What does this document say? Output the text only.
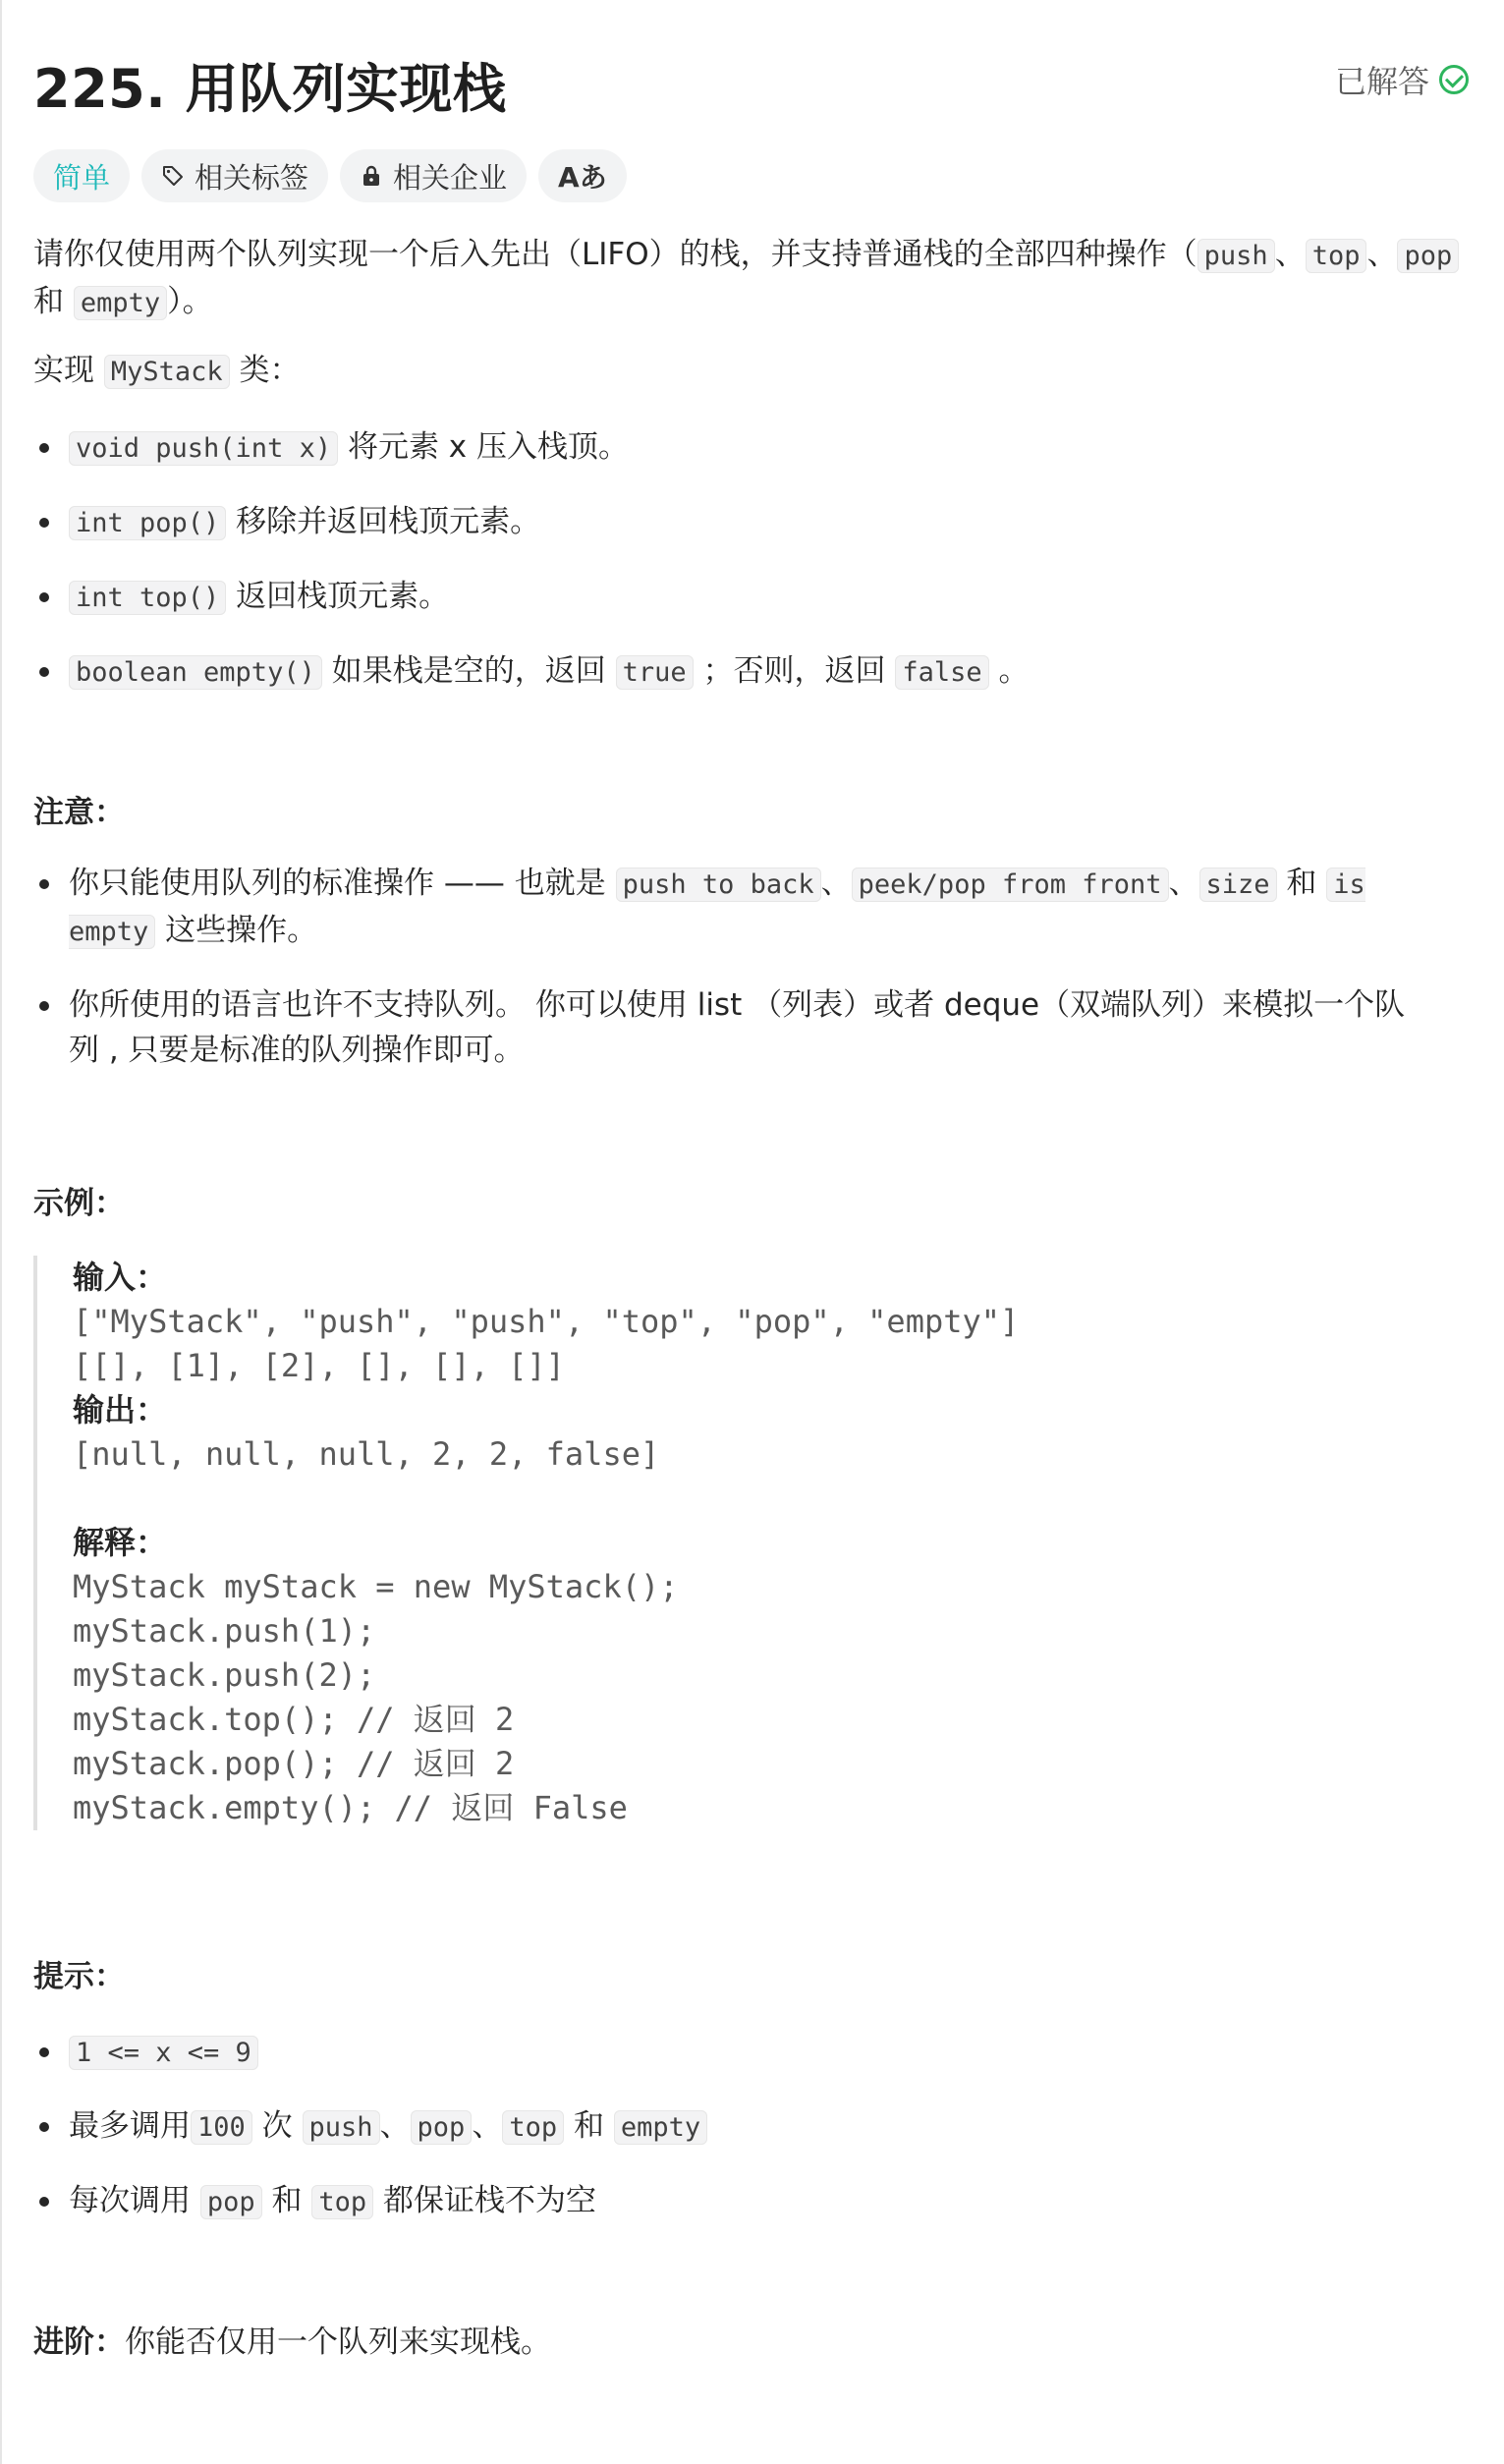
225. 用队列实现栈	已解答
简单	相关标签	相关企业 Aあ

请你仅使用两个队列实现一个后入先出（LIFO）的栈，并支持普通栈的全部四种操作（ push 、 top 、 pop
和 empty ）。

实现 MyStack 类：

void push(int x) 将元素 x 压入栈顶。
int pop() 移除并返回栈顶元素。
int top() 返回栈顶元素。
boolean empty() 如果栈是空的，返回 true ；否则，返回 false 。

注意：

你只能使用队列的标准操作 —— 也就是 push to back 、 peek/pop from front 、 size 和 is empty 这些操作。
你所使用的语言也许不支持队列。 你可以使用 list （列表）或者 deque（双端队列）来模拟一个队列 , 只要是标准的队列操作即可。

示例：

输入：
["MyStack", "push", "push", "top", "pop", "empty"]
[[], [1], [2], [], [], []]
输出：
[null, null, null, 2, 2, false]

解释：
MyStack myStack = new MyStack();
myStack.push(1);
myStack.push(2);
myStack.top(); // 返回 2
myStack.pop(); // 返回 2
myStack.empty(); // 返回 False

提示：

1 <= x <= 9
最多调用 100 次 push 、 pop 、 top 和 empty
每次调用 pop 和 top 都保证栈不为空

进阶：你能否仅用一个队列来实现栈。
